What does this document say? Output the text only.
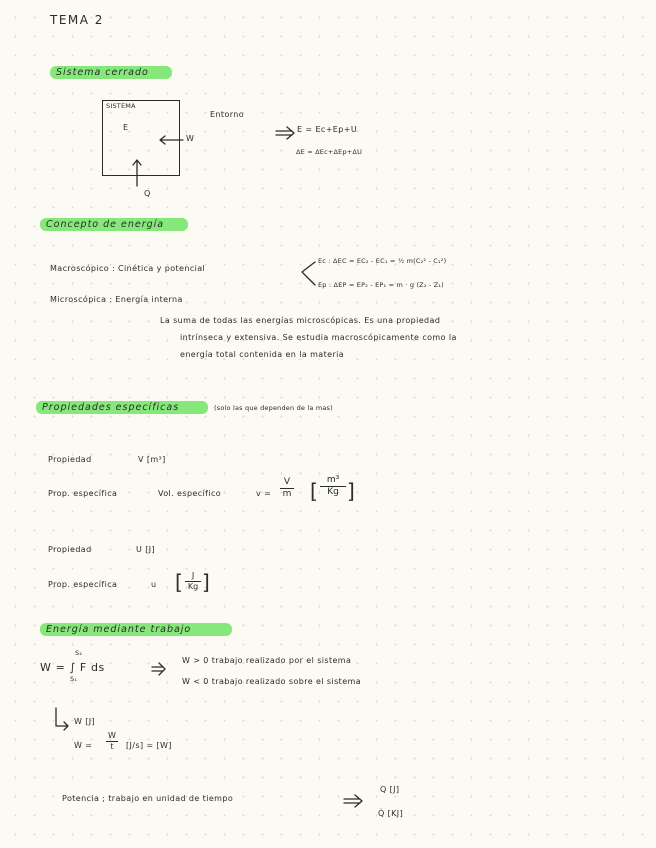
TEMA 2
Sistema cerrado
SISTEMA
E
W
Q
Entorno
E = Ec+Ep+U
ΔE = ΔEc+ΔEp+ΔU
Concepto de energía
Macroscópico : Cinética y potencial
Ec : ΔEC = EC₂ - EC₁ = ½ m(C₂² - C₁²)
Ep : ΔEP = EP₂ - EP₁ = m · g (Z₂ - Z₁)
Microscópica : Energía interna
La suma de todas las energías microscópicas. Es una propiedad
intrínseca y extensiva. Se estudia macroscópicamente como la
energía total contenida en la materia
Propiedades específicas	(solo las que dependen de la mas)
Propiedad	V [m³]
Prop. específica	Vol. específico	v =
V
m [ m³
Kg ]
Propiedad	U [J]
Prop. específica	u [ J
Kg ]
Energía mediante trabajo
W = ∫ F ds
S₂
S₁
W > 0 trabajo realizado por el sistema
W < 0 trabajo realizado sobre el sistema
W [J]
Ẇ =
W
t [J/s] = [W]
Potencia ; trabajo en unidad de tiempo
Q [J]
Q̇ [KJ]
